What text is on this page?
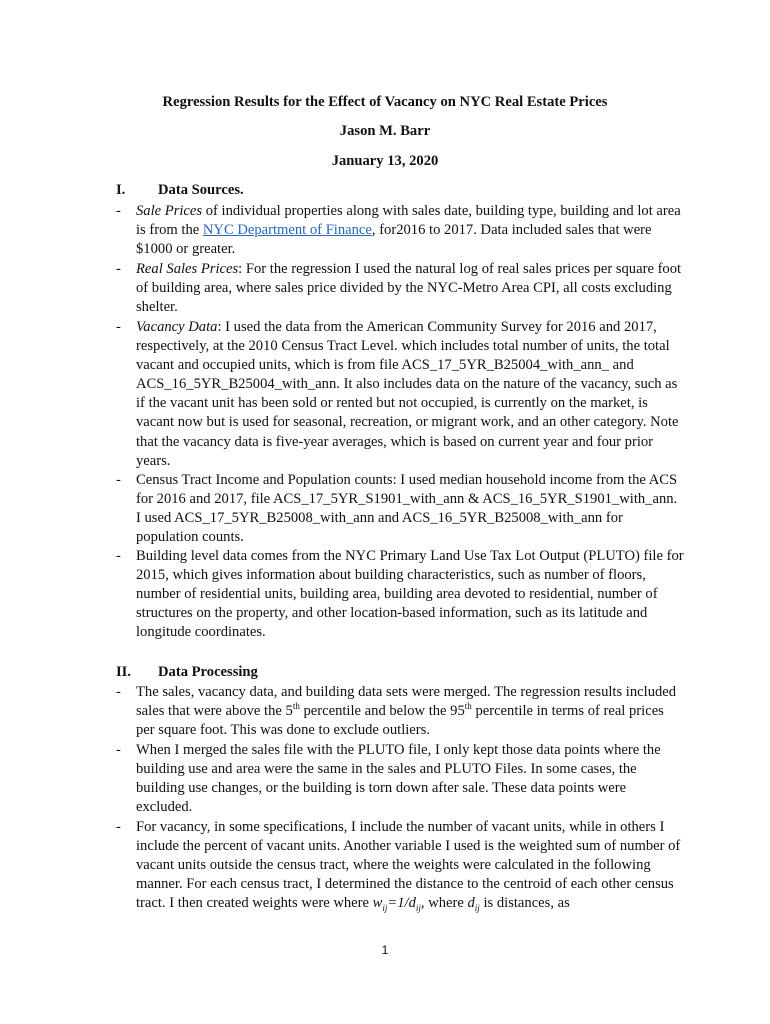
Regression Results for the Effect of Vacancy on NYC Real Estate Prices
Jason M. Barr
January 13, 2020
I. Data Sources.
- Sale Prices of individual properties along with sales date, building type, building and lot area is from the NYC Department of Finance, for2016 to 2017. Data included sales that were $1000 or greater.
- Real Sales Prices: For the regression I used the natural log of real sales prices per square foot of building area, where sales price divided by the NYC-Metro Area CPI, all costs excluding shelter.
- Vacancy Data: I used the data from the American Community Survey for 2016 and 2017, respectively, at the 2010 Census Tract Level. which includes total number of units, the total vacant and occupied units, which is from file ACS_17_5YR_B25004_with_ann_ and ACS_16_5YR_B25004_with_ann. It also includes data on the nature of the vacancy, such as if the vacant unit has been sold or rented but not occupied, is currently on the market, is vacant now but is used for seasonal, recreation, or migrant work, and an other category. Note that the vacancy data is five-year averages, which is based on current year and four prior years.
- Census Tract Income and Population counts: I used median household income from the ACS for 2016 and 2017, file ACS_17_5YR_S1901_with_ann & ACS_16_5YR_S1901_with_ann. I used ACS_17_5YR_B25008_with_ann and ACS_16_5YR_B25008_with_ann for population counts.
- Building level data comes from the NYC Primary Land Use Tax Lot Output (PLUTO) file for 2015, which gives information about building characteristics, such as number of floors, number of residential units, building area, building area devoted to residential, number of structures on the property, and other location-based information, such as its latitude and longitude coordinates.
II. Data Processing
- The sales, vacancy data, and building data sets were merged. The regression results included sales that were above the 5th percentile and below the 95th percentile in terms of real prices per square foot. This was done to exclude outliers.
- When I merged the sales file with the PLUTO file, I only kept those data points where the building use and area were the same in the sales and PLUTO Files. In some cases, the building use changes, or the building is torn down after sale. These data points were excluded.
- For vacancy, in some specifications, I include the number of vacant units, while in others I include the percent of vacant units. Another variable I used is the weighted sum of number of vacant units outside the census tract, where the weights were calculated in the following manner. For each census tract, I determined the distance to the centroid of each other census tract. I then created weights were where $w_{ij}=1/d_{ij}$, where $d_{ij}$ is distances, as
1
